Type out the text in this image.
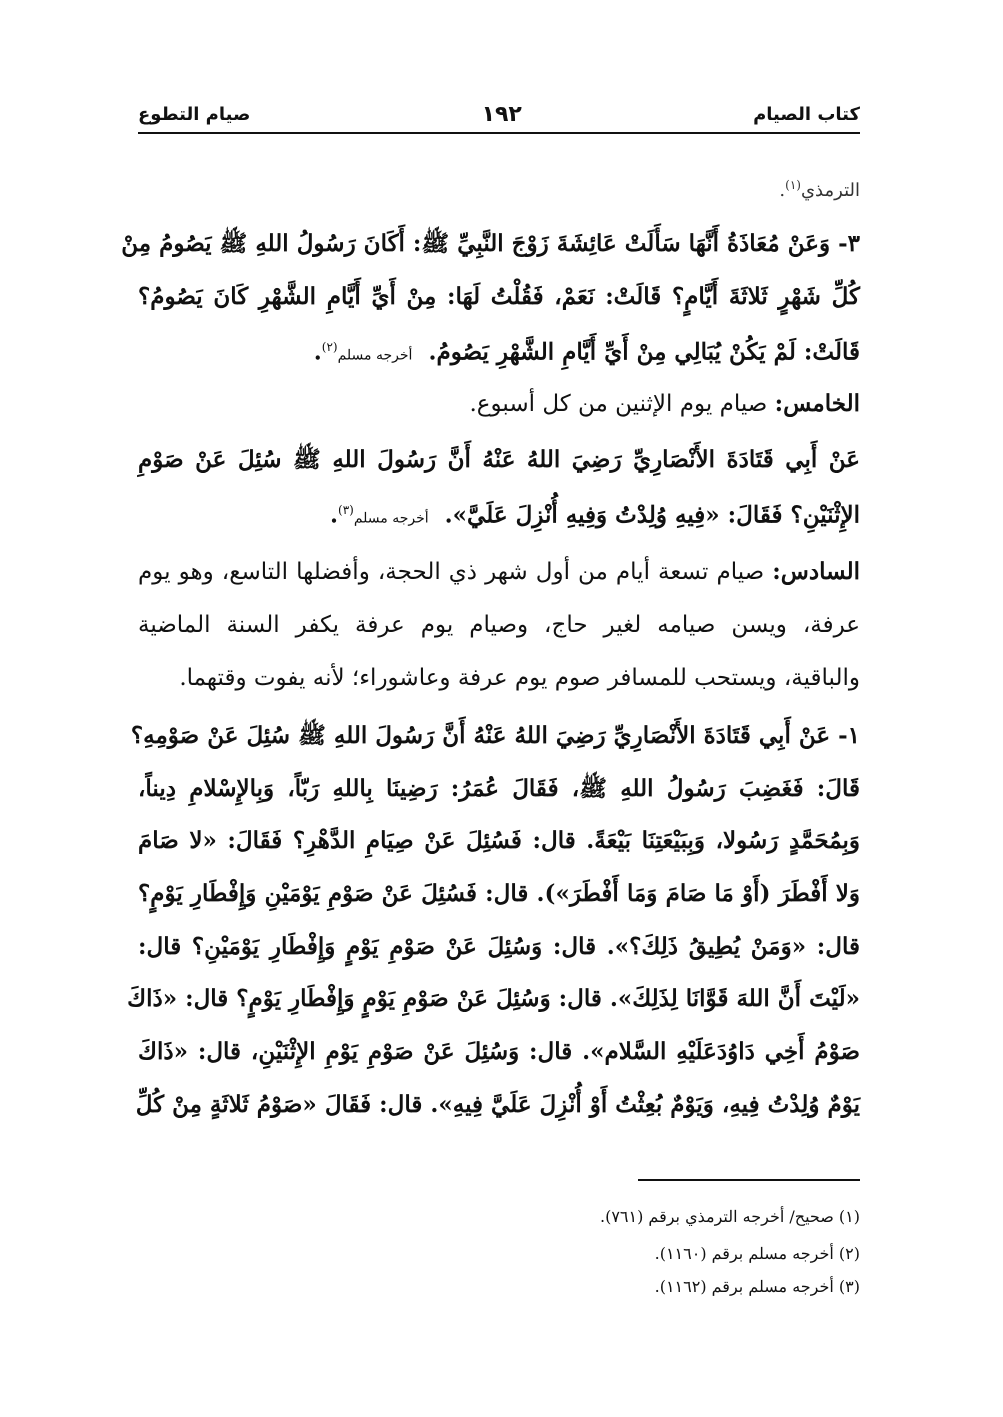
كتاب الصيام
١٩٢
صيام التطوع
الترمذي$^{(١)}$.
٣- وَعَنْ مُعَاذَةُ أَنَّهَا سَأَلَتْ عَائِشَةَ زَوْجَ النَّبِيِّ ﷺ: أَكَانَ رَسُولُ اللهِ ﷺ يَصُومُ مِنْ
كُلِّ شَهْرٍ ثَلاثَةَ أَيَّامٍ؟ قَالَتْ: نَعَمْ، فَقُلْتُ لَهَا: مِنْ أَيِّ أَيَّامِ الشَّهْرِ كَانَ يَصُومُ؟
قَالَتْ: لَمْ يَكُنْ يُبَالِي مِنْ أَيِّ أَيَّامِ الشَّهْرِ يَصُومُ.  أخرجه مسلم$^{(٢)}$.
الخامس: صيام يوم الإثنين من كل أسبوع.
عَنْ أَبِي قَتَادَةَ الأَنْصَارِيِّ رَضِيَ اللهُ عَنْهُ أَنَّ رَسُولَ اللهِ ﷺ سُئِلَ عَنْ صَوْمِ
الإِثْنَيْنِ؟ فَقَالَ: «فِيهِ وُلِدْتُ وَفِيهِ أُنْزِلَ عَلَيَّ».  أخرجه مسلم$^{(٣)}$.
السادس: صيام تسعة أيام من أول شهر ذي الحجة، وأفضلها التاسع، وهو يوم
عرفة، ويسن صيامه لغير حاج، وصيام يوم عرفة يكفر السنة الماضية
والباقية، ويستحب للمسافر صوم يوم عرفة وعاشوراء؛ لأنه يفوت وقتهما.
١- عَنْ أَبِي قَتَادَةَ الأَنْصَارِيِّ رَضِيَ اللهُ عَنْهُ أَنَّ رَسُولَ اللهِ ﷺ سُئِلَ عَنْ صَوْمِهِ؟
قَالَ: فَغَضِبَ رَسُولُ اللهِ ﷺ، فَقَالَ عُمَرُ: رَضِينَا بِاللهِ رَبّاً، وَبِالإِسْلامِ دِيناً،
وَبِمُحَمَّدٍ رَسُولا، وَبِبَيْعَتِنَا بَيْعَةً. قال: فَسُئِلَ عَنْ صِيَامِ الدَّهْرِ؟ فَقَالَ: «لا صَامَ
وَلا أَفْطَرَ (أَوْ مَا صَامَ وَمَا أَفْطَرَ»). قال: فَسُئِلَ عَنْ صَوْمِ يَوْمَيْنِ وَإِفْطَارِ يَوْمٍ؟
قال: «وَمَنْ يُطِيقُ ذَلِكَ؟». قال: وَسُئِلَ عَنْ صَوْمِ يَوْمٍ وَإِفْطَارِ يَوْمَيْنِ؟ قال:
«لَيْتَ أَنَّ اللهَ قَوَّانَا لِذَلِكَ». قال: وَسُئِلَ عَنْ صَوْمِ يَوْمٍ وَإِفْطَارِ يَوْمٍ؟ قال: «ذَاكَ
صَوْمُ أَخِي دَاوُدَعَلَيْهِ السَّلام». قال: وَسُئِلَ عَنْ صَوْمِ يَوْمِ الإِثْنَيْنِ، قال: «ذَاكَ
يَوْمٌ وُلِدْتُ فِيهِ، وَيَوْمٌ بُعِثْتُ أَوْ أُنْزِلَ عَلَيَّ فِيهِ». قال: فَقَالَ «صَوْمُ ثَلاثَةٍ مِنْ كُلِّ
(١) صحيح/ أخرجه الترمذي برقم (٧٦١).
(٢) أخرجه مسلم برقم (١١٦٠).
(٣) أخرجه مسلم برقم (١١٦٢).
